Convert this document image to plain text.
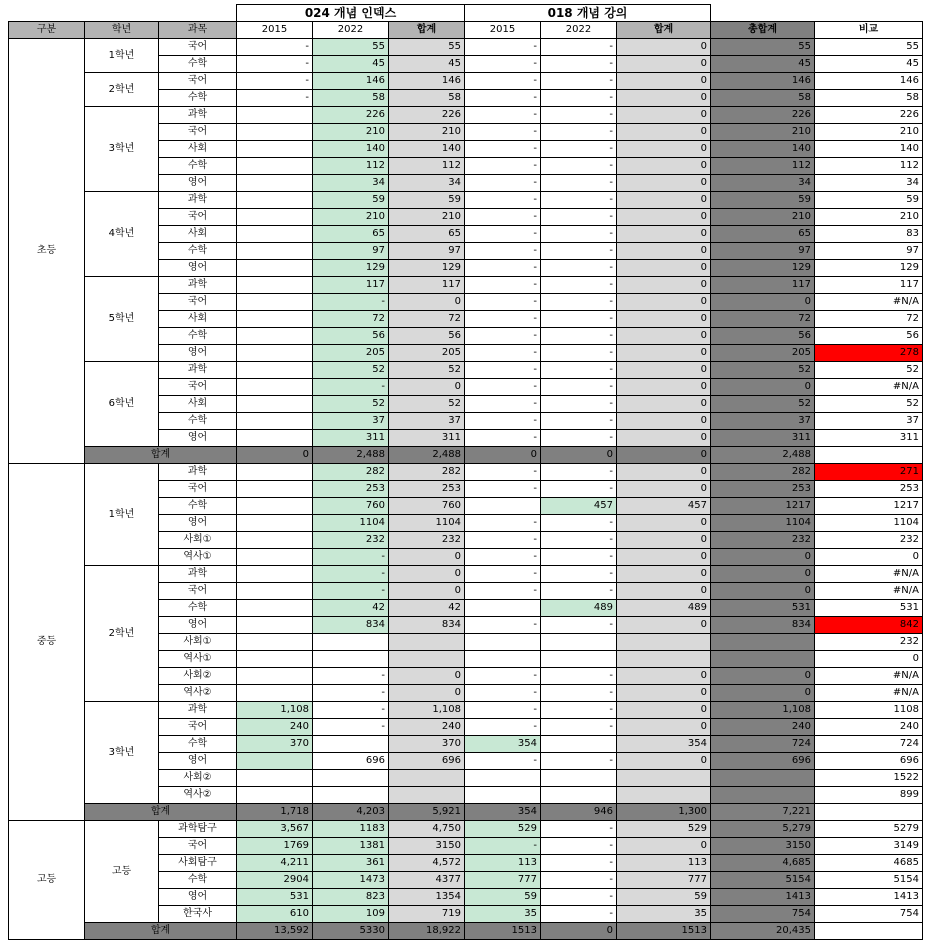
			024 개념 인덱스			018 개념 강의				
구분	학년	과목	2015	2022	합계	2015	2022	합계	총합계	비교
초등	1학년	국어	-	55	55	-	-	0	55	55
		수학	-	45	45	-	-	0	45	45
	2학년	국어	-	146	146	-	-	0	146	146
		수학	-	58	58	-	-	0	58	58
	3학년	과학		226	226	-	-	0	226	226
		국어		210	210	-	-	0	210	210
		사회		140	140	-	-	0	140	140
		수학		112	112	-	-	0	112	112
		영어		34	34	-	-	0	34	34
	4학년	과학		59	59	-	-	0	59	59
		국어		210	210	-	-	0	210	210
		사회		65	65	-	-	0	65	83
		수학		97	97	-	-	0	97	97
		영어		129	129	-	-	0	129	129
	5학년	과학		117	117	-	-	0	117	117
		국어		-	0	-	-	0	0	#N/A
		사회		72	72	-	-	0	72	72
		수학		56	56	-	-	0	56	56
		영어		205	205	-	-	0	205	278
	6학년	과학		52	52	-	-	0	52	52
		국어		-	0	-	-	0	0	#N/A
		사회		52	52	-	-	0	52	52
		수학		37	37	-	-	0	37	37
		영어		311	311	-	-	0	311	311
	합계		0	2,488	2,488	0	0	0	2,488	
중등	1학년	과학		282	282	-	-	0	282	271
		국어		253	253	-	-	0	253	253
		수학		760	760		457	457	1217	1217
		영어		1104	1104	-	-	0	1104	1104
		사회①		232	232	-	-	0	232	232
		역사①		-	0	-	-	0	0	0
	2학년	과학		-	0	-	-	0	0	#N/A
		국어		-	0	-	-	0	0	#N/A
		수학		42	42		489	489	531	531
		영어		834	834	-	-	0	834	842
		사회①								232
		역사①								0
		사회②		-	0	-	-	0	0	#N/A
		역사②		-	0	-	-	0	0	#N/A
	3학년	과학	1,108	-	1,108	-	-	0	1,108	1108
		국어	240	-	240	-	-	0	240	240
		수학	370		370	354		354	724	724
		영어		696	696	-	-	0	696	696
		사회②								1522
		역사②								899
	합계		1,718	4,203	5,921	354	946	1,300	7,221	
고등	고등	과학탐구	3,567	1183	4,750	529	-	529	5,279	5279
		국어	1769	1381	3150	-	-	0	3150	3149
		사회탐구	4,211	361	4,572	113	-	113	4,685	4685
		수학	2904	1473	4377	777	-	777	5154	5154
		영어	531	823	1354	59	-	59	1413	1413
		한국사	610	109	719	35	-	35	754	754
	합계		13,592	5330	18,922	1513	0	1513	20,435	
